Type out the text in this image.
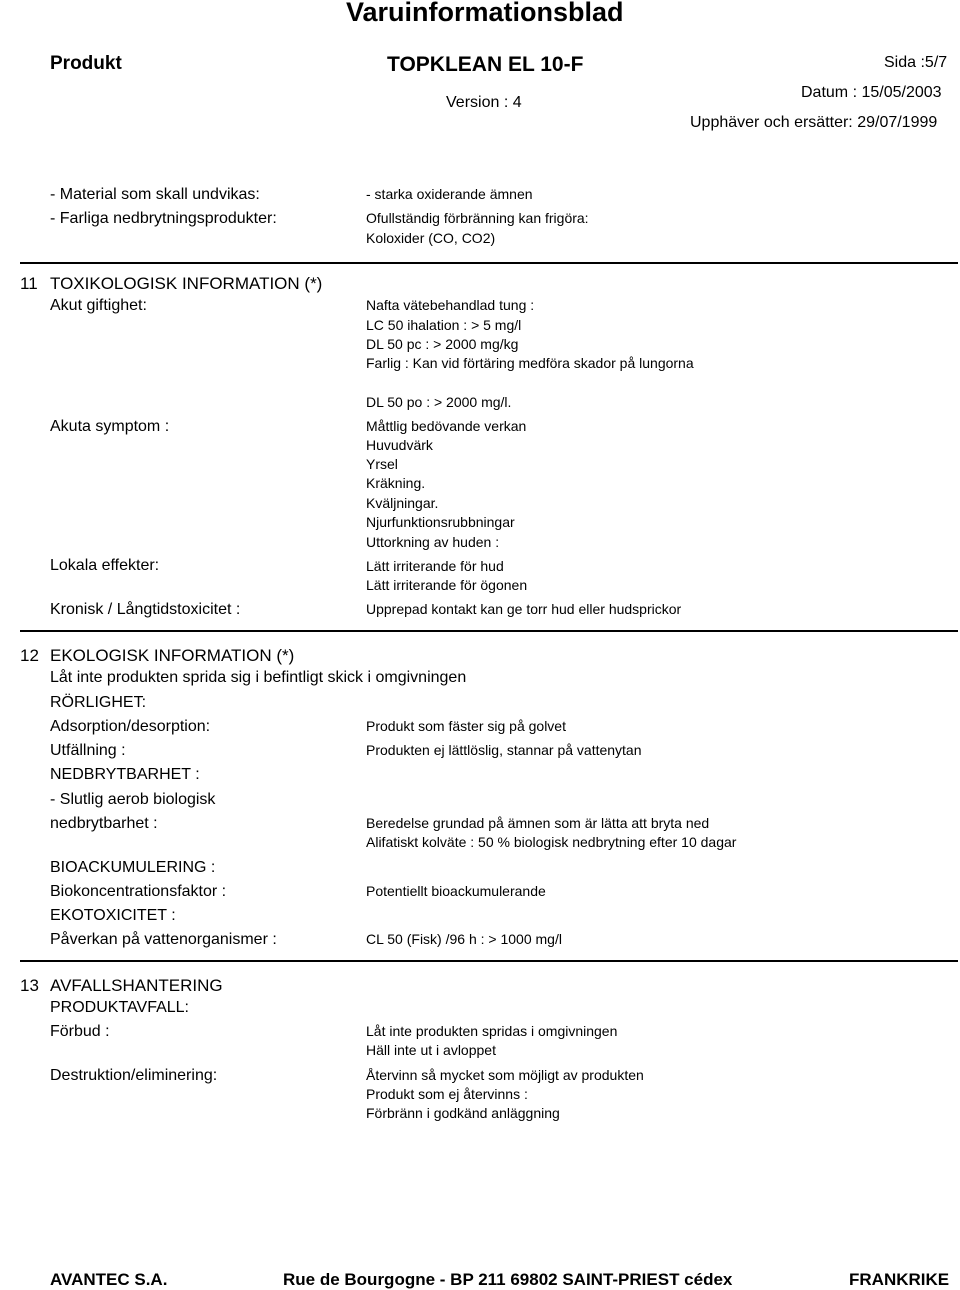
Varuinformationsblad
Produkt	TOPKLEAN EL 10-F	Sida :5/7
Version : 4
Datum : 15/05/2003
Upphäver och ersätter: 29/07/1999
- Material som skall undvikas:	- starka oxiderande ämnen
- Farliga nedbrytningsprodukter:	Ofullständig förbränning kan frigöra:
Koloxider (CO, CO2)
11 TOXIKOLOGISK INFORMATION (*)
Akut giftighet:	Nafta vätebehandlad tung :
LC 50 ihalation : > 5 mg/l
DL 50 pc : > 2000 mg/kg
Farlig : Kan vid förtäring medföra skador på lungorna
DL 50 po : > 2000 mg/l.
Akuta symptom :	Måttlig bedövande verkan
Huvudvärk
Yrsel
Kräkning.
Kväljningar.
Njurfunktionsrubbningar
Uttorkning av huden :
Lokala effekter:	Lätt irriterande för hud
Lätt irriterande för ögonen
Kronisk / Långtidstoxicitet :	Upprepad kontakt kan ge torr hud eller hudsprickor
12 EKOLOGISK INFORMATION (*)
Låt inte produkten sprida sig i befintligt skick i omgivningen
RÖRLIGHET:
Adsorption/desorption:	Produkt som fäster sig på golvet
Utfällning :	Produkten ej lättlöslig, stannar på vattenytan
NEDBRYTBARHET :
- Slutlig aerob biologisk
nedbrytbarhet :	Beredelse grundad på ämnen som är lätta att bryta ned
Alifatiskt kolväte : 50 % biologisk nedbrytning efter 10 dagar
BIOACKUMULERING :
Biokoncentrationsfaktor :	Potentiellt bioackumulerande
EKOTOXICITET :
Påverkan på vattenorganismer :	CL 50 (Fisk) /96 h : > 1000 mg/l
13 AVFALLSHANTERING
PRODUKTAVFALL:
Förbud :	Låt inte produkten spridas i omgivningen
Häll inte ut i avloppet
Destruktion/eliminering:	Återvinn så mycket som möjligt av produkten
Produkt som ej återvinns :
Förbränn i godkänd anläggning
AVANTEC S.A.	Rue de Bourgogne - BP 211 69802 SAINT-PRIEST cédex	FRANKRIKE
